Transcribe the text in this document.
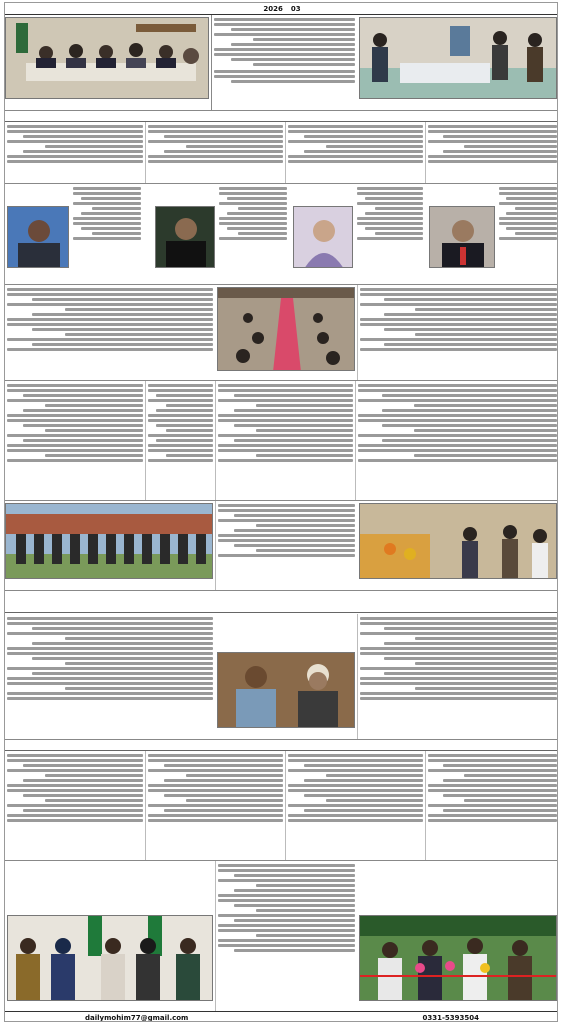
2026 03
dailymohim77@gmail.com	0331-5393504
